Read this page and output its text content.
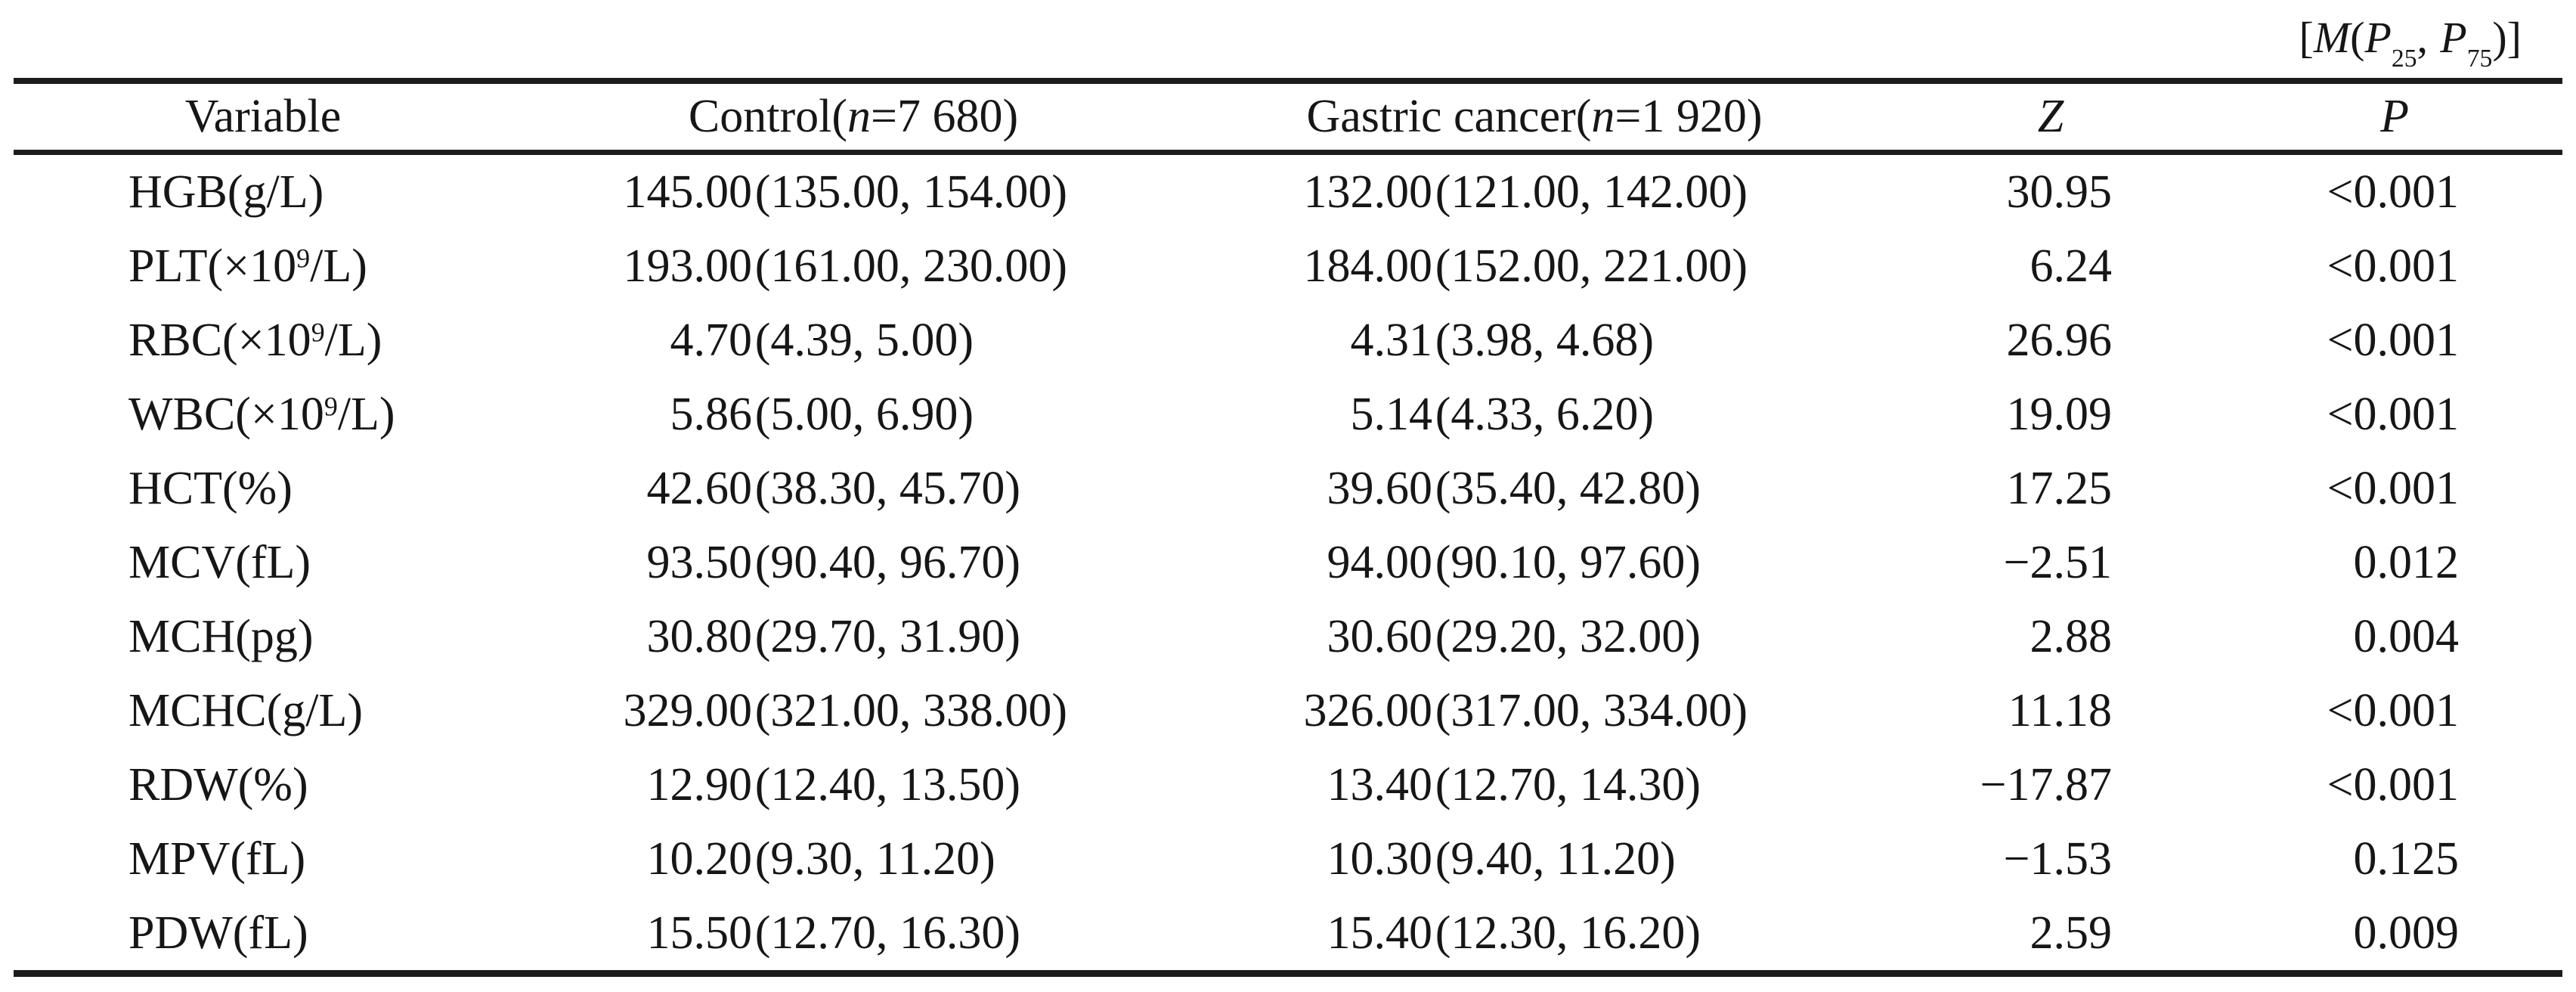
[$M(P_{25}$, $P_{75}$)]
Variable	Control(n=7 680)	Gastric cancer(n=1 920)	Z	P
HGB(g/L)	145.00 (135.00, 154.00)	132.00 (121.00, 142.00)	30.95	<0.001
$PLT(\times 10^9/L)$	193.00 (161.00, 230.00)	184.00 (152.00, 221.00)	6.24	<0.001
$RBC(\times 10^9/L)$	4.70 (4.39, 5.00)	4.31 (3.98, 4.68)	26.96	<0.001
$WBC(\times 10^9/L)$	5.86 (5.00, 6.90)	5.14 (4.33, 6.20)	19.09	<0.001
HCT(%)	42.60 (38.30, 45.70)	39.60 (35.40, 42.80)	17.25	<0.001
MCV(fL)	93.50 (90.40, 96.70)	94.00 (90.10, 97.60)	−2.51	0.012
MCH(pg)	30.80 (29.70, 31.90)	30.60 (29.20, 32.00)	2.88	0.004
MCHC(g/L)	329.00 (321.00, 338.00)	326.00 (317.00, 334.00)	11.18	<0.001
RDW(%)	12.90 (12.40, 13.50)	13.40 (12.70, 14.30)	−17.87	<0.001
MPV(fL)	10.20 (9.30, 11.20)	10.30 (9.40, 11.20)	−1.53	0.125
PDW(fL)	15.50 (12.70, 16.30)	15.40 (12.30, 16.20)	2.59	0.009
